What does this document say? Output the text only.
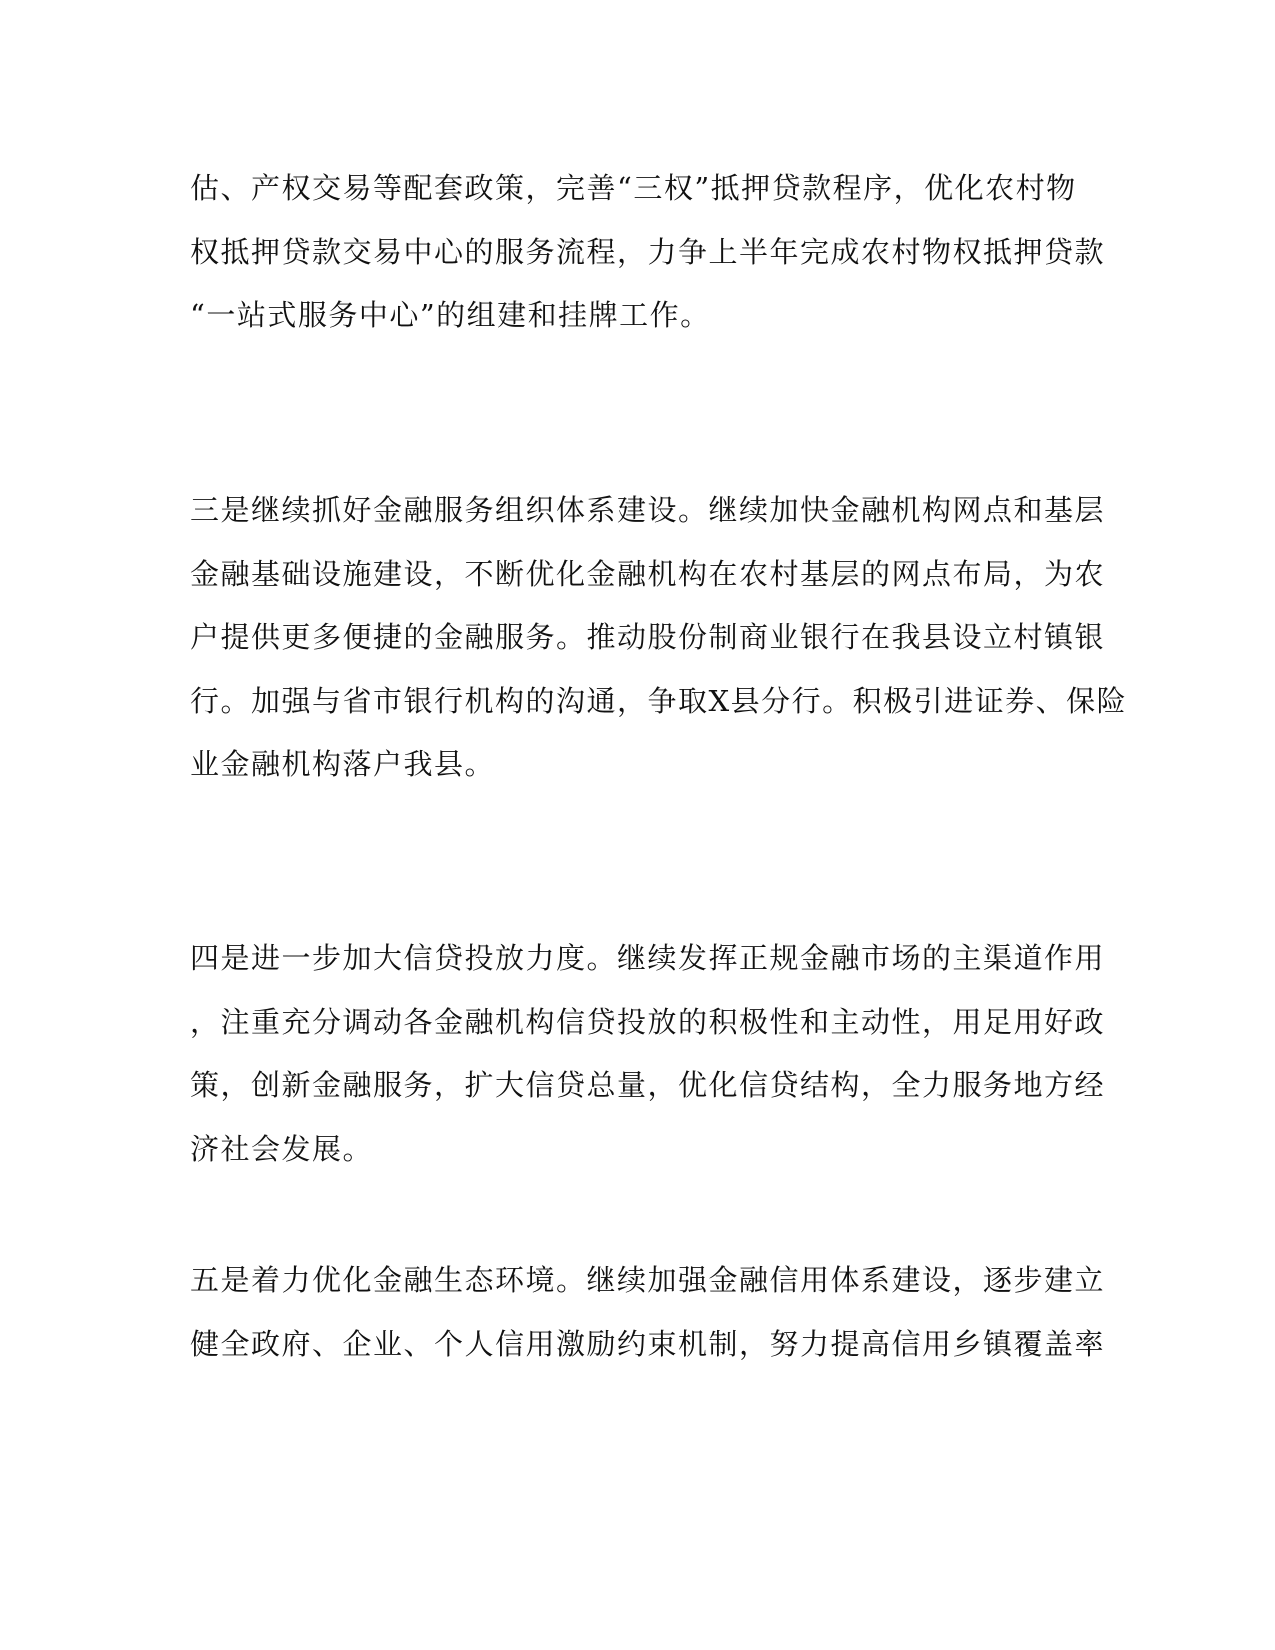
估、产权交易等配套政策，完善“三权”抵押贷款程序，优化农村物
权抵押贷款交易中心的服务流程，力争上半年完成农村物权抵押贷款
“一站式服务中心”的组建和挂牌工作。

三是继续抓好金融服务组织体系建设。继续加快金融机构网点和基层
金融基础设施建设，不断优化金融机构在农村基层的网点布局，为农
户提供更多便捷的金融服务。推动股份制商业银行在我县设立村镇银
行。加强与省市银行机构的沟通，争取X县分行。积极引进证券、保险
业金融机构落户我县。

四是进一步加大信贷投放力度。继续发挥正规金融市场的主渠道作用
，注重充分调动各金融机构信贷投放的积极性和主动性，用足用好政
策，创新金融服务，扩大信贷总量，优化信贷结构，全力服务地方经
济社会发展。

五是着力优化金融生态环境。继续加强金融信用体系建设，逐步建立
健全政府、企业、个人信用激励约束机制，努力提高信用乡镇覆盖率
